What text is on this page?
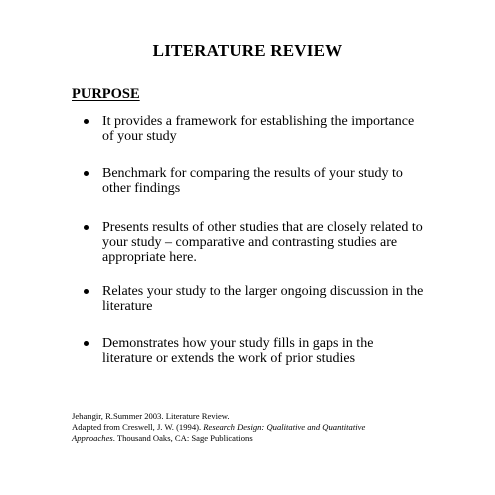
LITERATURE REVIEW
PURPOSE
It provides a framework for establishing the importance of your study
Benchmark for comparing the results of your study to other findings
Presents results of other studies that are closely related to your study – comparative and contrasting studies are appropriate here.
Relates your study to the larger ongoing discussion in the literature
Demonstrates how your study fills in gaps in the literature or extends the work of prior studies
Jehangir, R.Summer 2003. Literature Review.
Adapted from Creswell, J. W. (1994). Research Design: Qualitative and Quantitative
Approaches. Thousand Oaks, CA: Sage Publications
